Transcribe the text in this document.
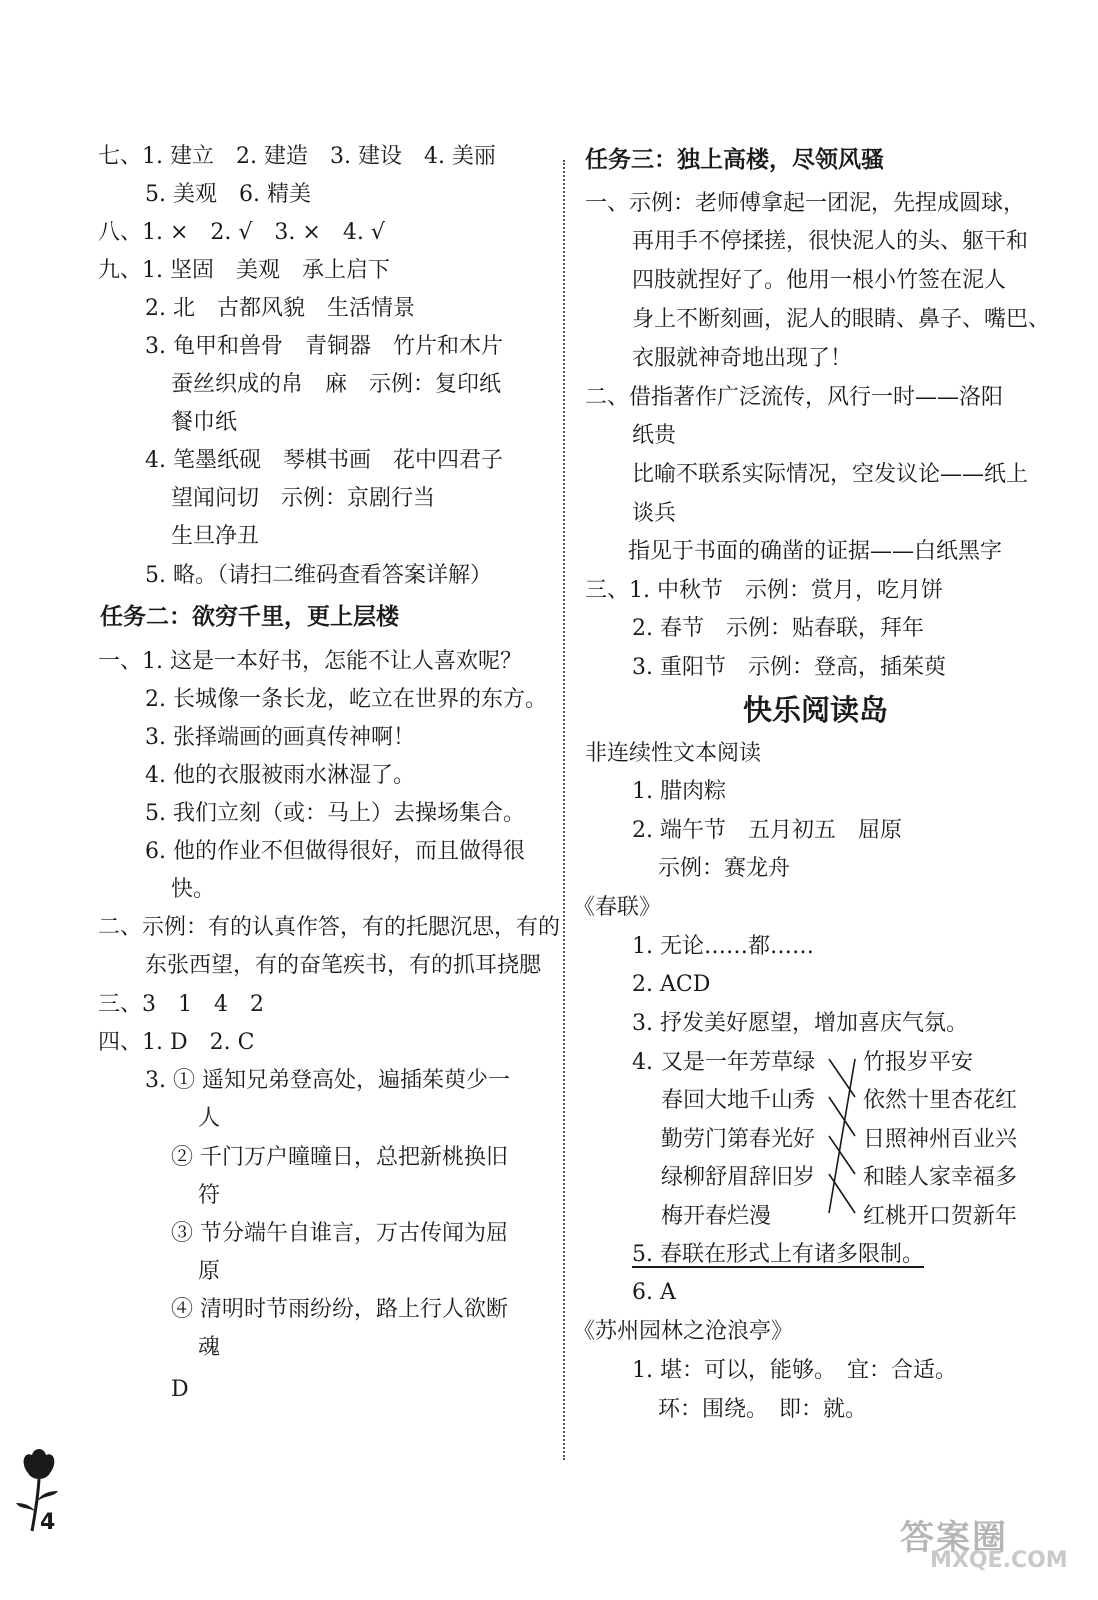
七、1. 建立　2. 建造　3. 建设　4. 美丽
5. 美观　6. 精美
八、1. ×　2. √　3. ×　4. √
九、1. 坚固　美观　承上启下
2. 北　古都风貌　生活情景
3. 龟甲和兽骨　青铜器　竹片和木片
蚕丝织成的帛　麻　示例：复印纸
餐巾纸
4. 笔墨纸砚　琴棋书画　花中四君子
望闻问切　示例：京剧行当
生旦净丑
5. 略。（请扫二维码查看答案详解）
任务二：欲穷千里，更上层楼
一、1. 这是一本好书，怎能不让人喜欢呢？
2. 长城像一条长龙，屹立在世界的东方。
3. 张择端画的画真传神啊！
4. 他的衣服被雨水淋湿了。
5. 我们立刻（或：马上）去操场集合。
6. 他的作业不但做得很好，而且做得很
快。
二、示例：有的认真作答，有的托腮沉思，有的
东张西望，有的奋笔疾书，有的抓耳挠腮
三、3　1　4　2
四、1. D　2. C
3. ① 遥知兄弟登高处，遍插茱萸少一
人
② 千门万户曈曈日，总把新桃换旧
符
③ 节分端午自谁言，万古传闻为屈
原
④ 清明时节雨纷纷，路上行人欲断
魂
D
任务三：独上高楼，尽领风骚
一、示例：老师傅拿起一团泥，先捏成圆球，
再用手不停揉搓，很快泥人的头、躯干和
四肢就捏好了。他用一根小竹签在泥人
身上不断刻画，泥人的眼睛、鼻子、嘴巴、
衣服就神奇地出现了！
二、借指著作广泛流传，风行一时——洛阳
纸贵
比喻不联系实际情况，空发议论——纸上
谈兵
指见于书面的确凿的证据——白纸黑字
三、1. 中秋节　示例：赏月，吃月饼
2. 春节　示例：贴春联，拜年
3. 重阳节　示例：登高，插茱萸
快乐阅读岛
非连续性文本阅读
1. 腊肉粽
2. 端午节　五月初五　屈原
示例：赛龙舟
《春联》
1. 无论……都……
2. ACD
3. 抒发美好愿望，增加喜庆气氛。
4.
5. 春联在形式上有诸多限制。
6. A
《苏州园林之沧浪亭》
1. 堪：可以，能够。　宜：合适。
环：围绕。　即：就。
又是一年芳草绿
春回大地千山秀
勤劳门第春光好
绿柳舒眉辞旧岁
梅开春烂漫
竹报岁平安
依然十里杏花红
日照神州百业兴
和睦人家幸福多
红桃开口贺新年
4	答案圈
MXQE.COM
